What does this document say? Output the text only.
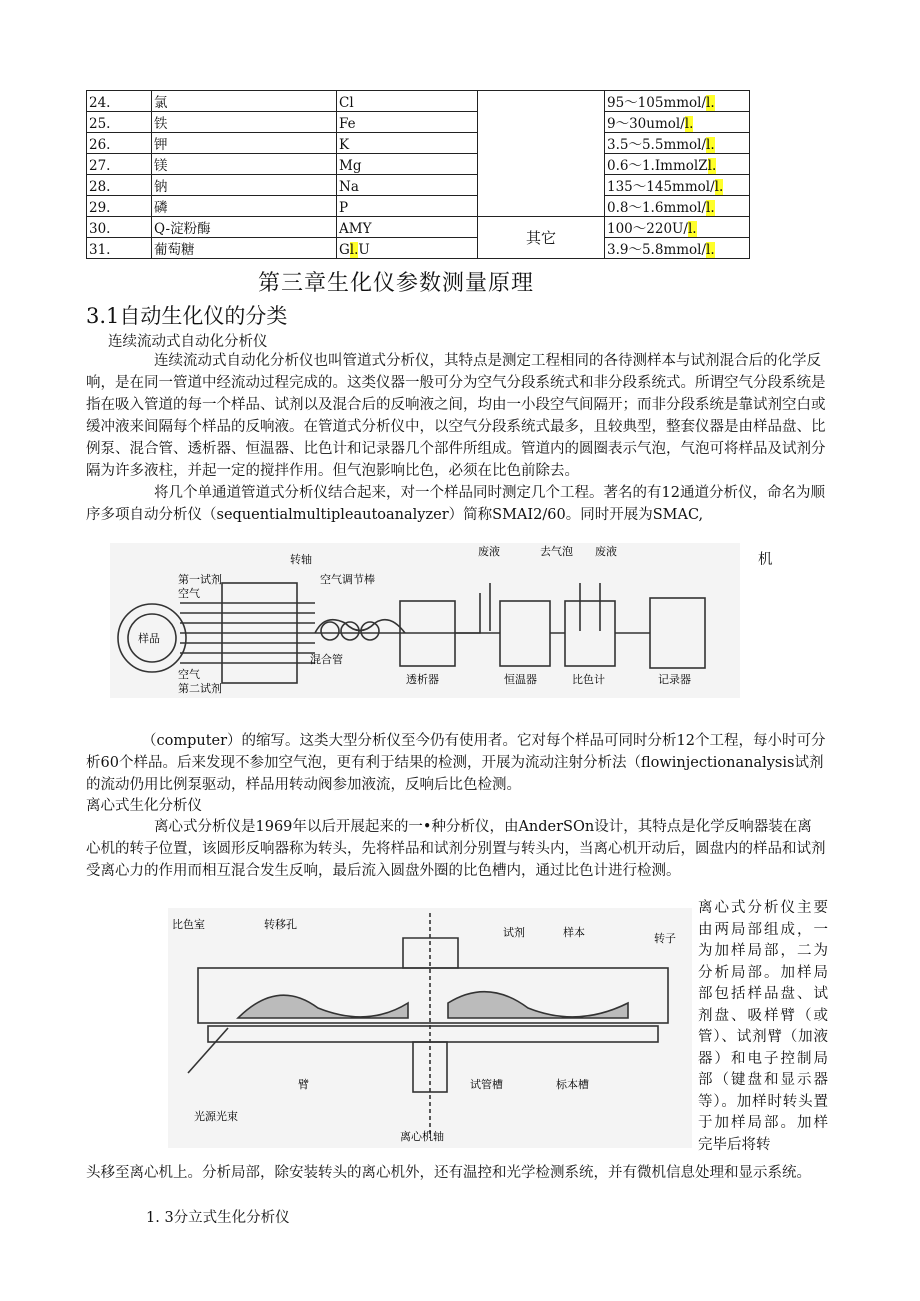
24.	氯	Cl		95～105mmol/l.
25.	铁	Fe		9～30umol/l.
26.	钾	K		3.5～5.5mmol/l.
27.	镁	Mg		0.6～1.ImmolZl.
28.	钠	Na		135～145mmol/l.
29.	磷	P		0.8～1.6mmol/l.
30.	Q-淀粉酶	AMY	其它	100～220U/l.
31.	葡萄糖	Gl.U		3.9～5.8mmol/l.
第三章生化仪参数测量原理
3.1自动生化仪的分类
连续流动式自动化分析仪

连续流动式自动化分析仪也叫管道式分析仪，其特点是测定工程相同的各待测样本与试剂混合后的化学反响，是在同一管道中经流动过程完成的。这类仪器一般可分为空气分段系统式和非分段系统式。所谓空气分段系统是指在吸入管道的每一个样品、试剂以及混合后的反响液之间，均由一小段空气间隔开；而非分段系统是靠试剂空白或缓冲液来间隔每个样品的反响液。在管道式分析仪中，以空气分段系统式最多，且较典型，整套仪器是由样品盘、比例泵、混合管、透析器、恒温器、比色计和记录器几个部件所组成。管道内的圆圈表示气泡，气泡可将样品及试剂分隔为许多液柱，并起一定的搅拌作用。但气泡影响比色，必须在比色前除去。

将几个单通道管道式分析仪结合起来，对一个样品同时测定几个工程。著名的有12通道分析仪，命名为顺序多项自动分析仪（sequentialmultipleautoanalyzer）简称SMAI2/60。同时开展为SMAC,

转轴
第一试剂
空气
空气调节棒
废液	去气泡 废液
样品
空气
第二试剂
混合管
透析器	恒温器	比色计	记录器
机

（computer）的缩写。这类大型分析仪至今仍有使用者。它对每个样品可同时分析12个工程，每小时可分析60个样品。后来发现不参加空气泡，更有利于结果的检测，开展为流动注射分析法（flowinjectionanalysis试剂的流动仍用比例泵驱动，样品用转动阀参加液流，反响后比色检测。

离心式生化分析仪

离心式分析仪是1969年以后开展起来的一•种分析仪，由AnderSOn设计，其特点是化学反响器装在离心机的转子位置，该圆形反响器称为转头，先将样品和试剂分别置与转头内，当离心机开动后，圆盘内的样品和试剂受离心力的作用而相互混合发生反响，最后流入圆盘外圈的比色槽内，通过比色计进行检测。

比色室	转移孔
试剂	样本	转子
光源光束
臂	试管槽	标本槽
离心机轴
离心式分析仪主要由两局部组成，一为加样局部，二为分析局部。加样局部包括样品盘、试剂盘、吸样臂（或管）、试剂臂（加液器）和电子控制局部（键盘和显示器等）。加样时转头置于加样局部。加样完毕后将转

头移至离心机上。分析局部，除安装转头的离心机外，还有温控和光学检测系统，并有微机信息处理和显示系统。

1. 3分立式生化分析仪
